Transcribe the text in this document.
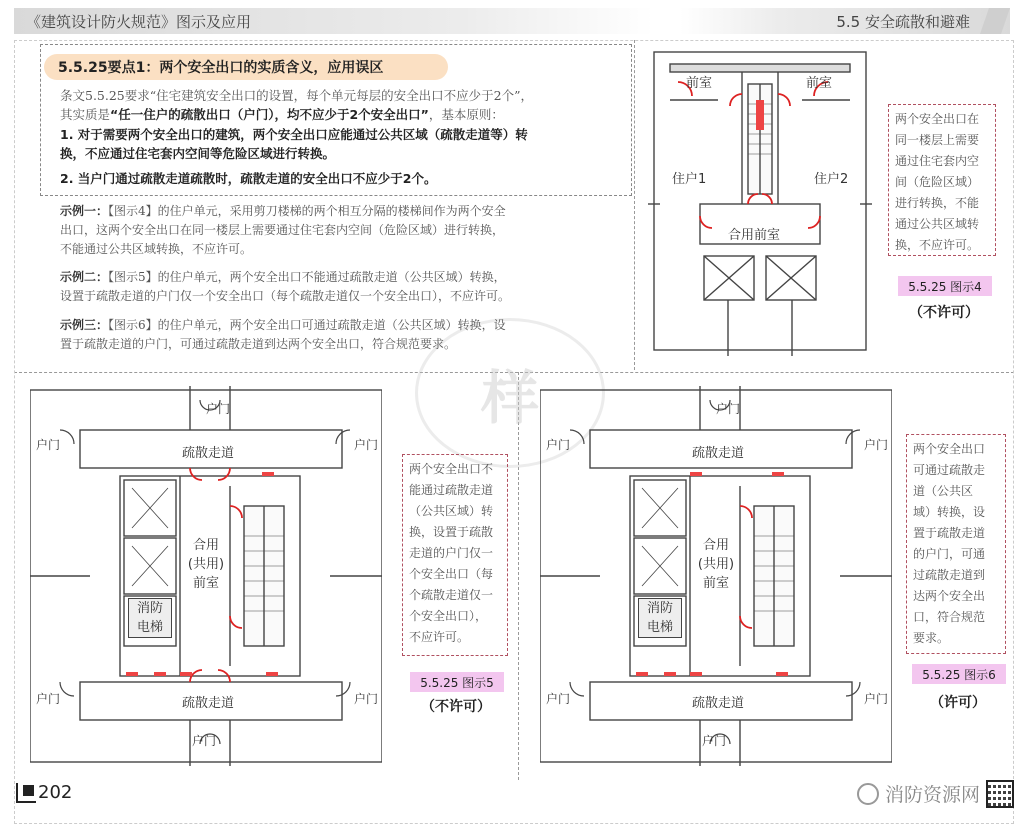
《建筑设计防火规范》图示及应用	5.5 安全疏散和避难
样
5.5.25要点1：两个安全出口的实质含义，应用误区
条文5.5.25要求“住宅建筑安全出口的设置，每个单元每层的安全出口不应少于2个”，
其实质是“任一住户的疏散出口（户门），均不应少于2个安全出口”，基本原则：
1. 对于需要两个安全出口的建筑，两个安全出口应能通过公共区域（疏散走道等）转
换，不应通过住宅套内空间等危险区域进行转换。
2. 当户门通过疏散走道疏散时，疏散走道的安全出口不应少于2个。
示例一：【图示4】的住户单元，采用剪刀楼梯的两个相互分隔的楼梯间作为两个安全
出口，这两个安全出口在同一楼层上需要通过住宅套内空间（危险区域）进行转换，
不能通过公共区域转换，不应许可。
示例二：【图示5】的住户单元，两个安全出口不能通过疏散走道（公共区域）转换，
设置于疏散走道的户门仅一个安全出口（每个疏散走道仅一个安全出口），不应许可。
示例三：【图示6】的住户单元，两个安全出口可通过疏散走道（公共区域）转换，设
置于疏散走道的户门，可通过疏散走道到达两个安全出口，符合规范要求。
前室	前室
住户1	住户2
合用前室
两个安全出口在
同一楼层上需要
通过住宅套内空
间（危险区域）
进行转换，不能
通过公共区域转
换，不应许可。
5.5.25 图示4
（不许可）
户门
户门	户门
户门	户门
户门
疏散走道
疏散走道
合用
(共用)
前室
消防
电梯
两个安全出口不
能通过疏散走道
（公共区域）转
换，设置于疏散
走道的户门仅一
个安全出口（每
个疏散走道仅一
个安全出口），
不应许可。
5.5.25 图示5
（不许可）
户门
户门	户门
户门	户门
户门
疏散走道
疏散走道
合用
(共用)
前室
消防
电梯
两个安全出口
可通过疏散走
道（公共区
域）转换，设
置于疏散走道
的户门，可通
过疏散走道到
达两个安全出
口，符合规范
要求。
5.5.25 图示6
（许可）
202	消防资源网
